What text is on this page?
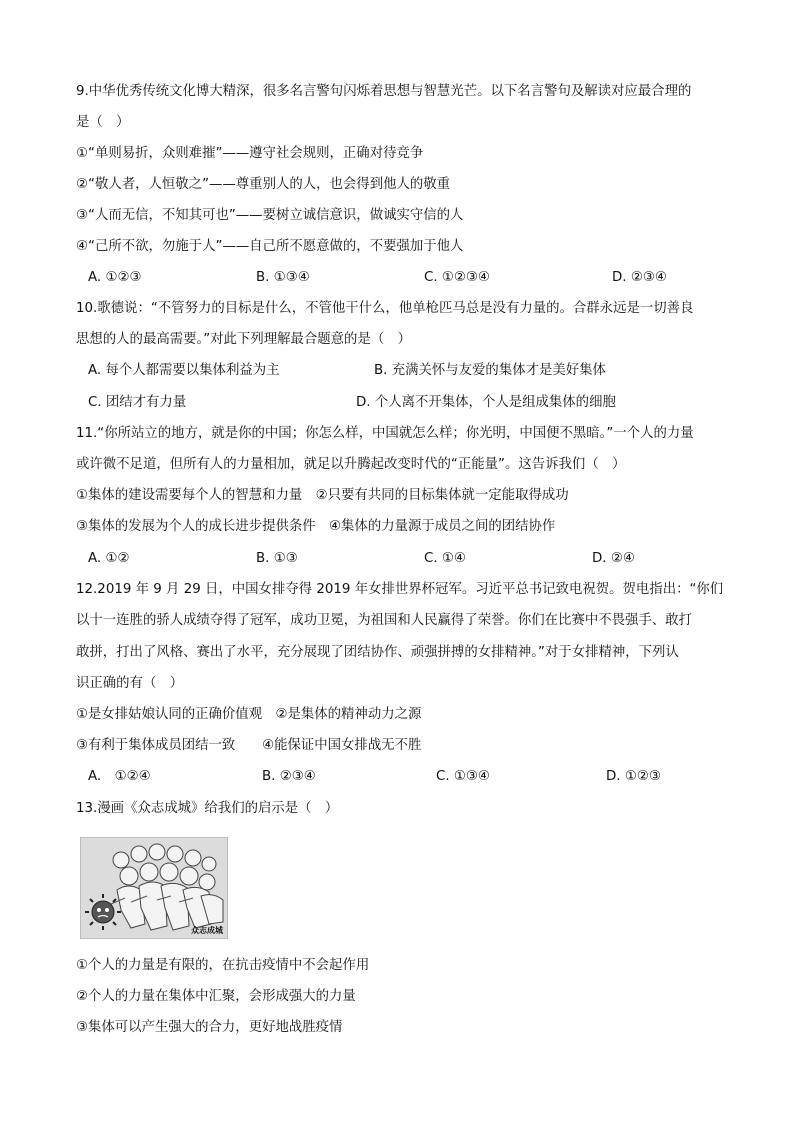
9.中华优秀传统文化博大精深，很多名言警句闪烁着思想与智慧光芒。以下名言警句及解读对应最合理的
是（　）
①“单则易折，众则难摧”——遵守社会规则，正确对待竞争
②“敬人者，人恒敬之”——尊重别人的人，也会得到他人的敬重
③“人而无信，不知其可也”——要树立诚信意识，做诚实守信的人
④“己所不欲，勿施于人”——自己所不愿意做的，不要强加于他人
A. ①②③	B. ①③④	C. ①②③④	D. ②③④
10.歌德说：“不管努力的目标是什么，不管他干什么，他单枪匹马总是没有力量的。合群永远是一切善良
思想的人的最高需要。”对此下列理解最合题意的是（　）
A. 每个人都需要以集体利益为主	B. 充满关怀与友爱的集体才是美好集体
C. 团结才有力量	D. 个人离不开集体，个人是组成集体的细胞
11.“你所站立的地方，就是你的中国；你怎么样，中国就怎么样；你光明，中国便不黑暗。”一个人的力量
或许微不足道，但所有人的力量相加，就足以升腾起改变时代的“正能量”。这告诉我们（　）
①集体的建设需要每个人的智慧和力量　②只要有共同的目标集体就一定能取得成功
③集体的发展为个人的成长进步提供条件　④集体的力量源于成员之间的团结协作
A. ①②	B. ①③	C. ①④	D. ②④
12.2019 年 9 月 29 日，中国女排夺得 2019 年女排世界杯冠军。习近平总书记致电祝贺。贺电指出：“你们
以十一连胜的骄人成绩夺得了冠军，成功卫冕，为祖国和人民赢得了荣誉。你们在比赛中不畏强手、敢打
敢拼，打出了风格、赛出了水平，充分展现了团结协作、顽强拼搏的女排精神。”对于女排精神，下列认
识正确的有（　）
①是女排姑娘认同的正确价值观　②是集体的精神动力之源
③有利于集体成员团结一致　　④能保证中国女排战无不胜
A.　①②④	B. ②③④	C. ①③④	D. ①②③
13.漫画《众志成城》给我们的启示是（　）
众志成城
①个人的力量是有限的，在抗击疫情中不会起作用
②个人的力量在集体中汇聚，会形成强大的力量
③集体可以产生强大的合力，更好地战胜疫情
